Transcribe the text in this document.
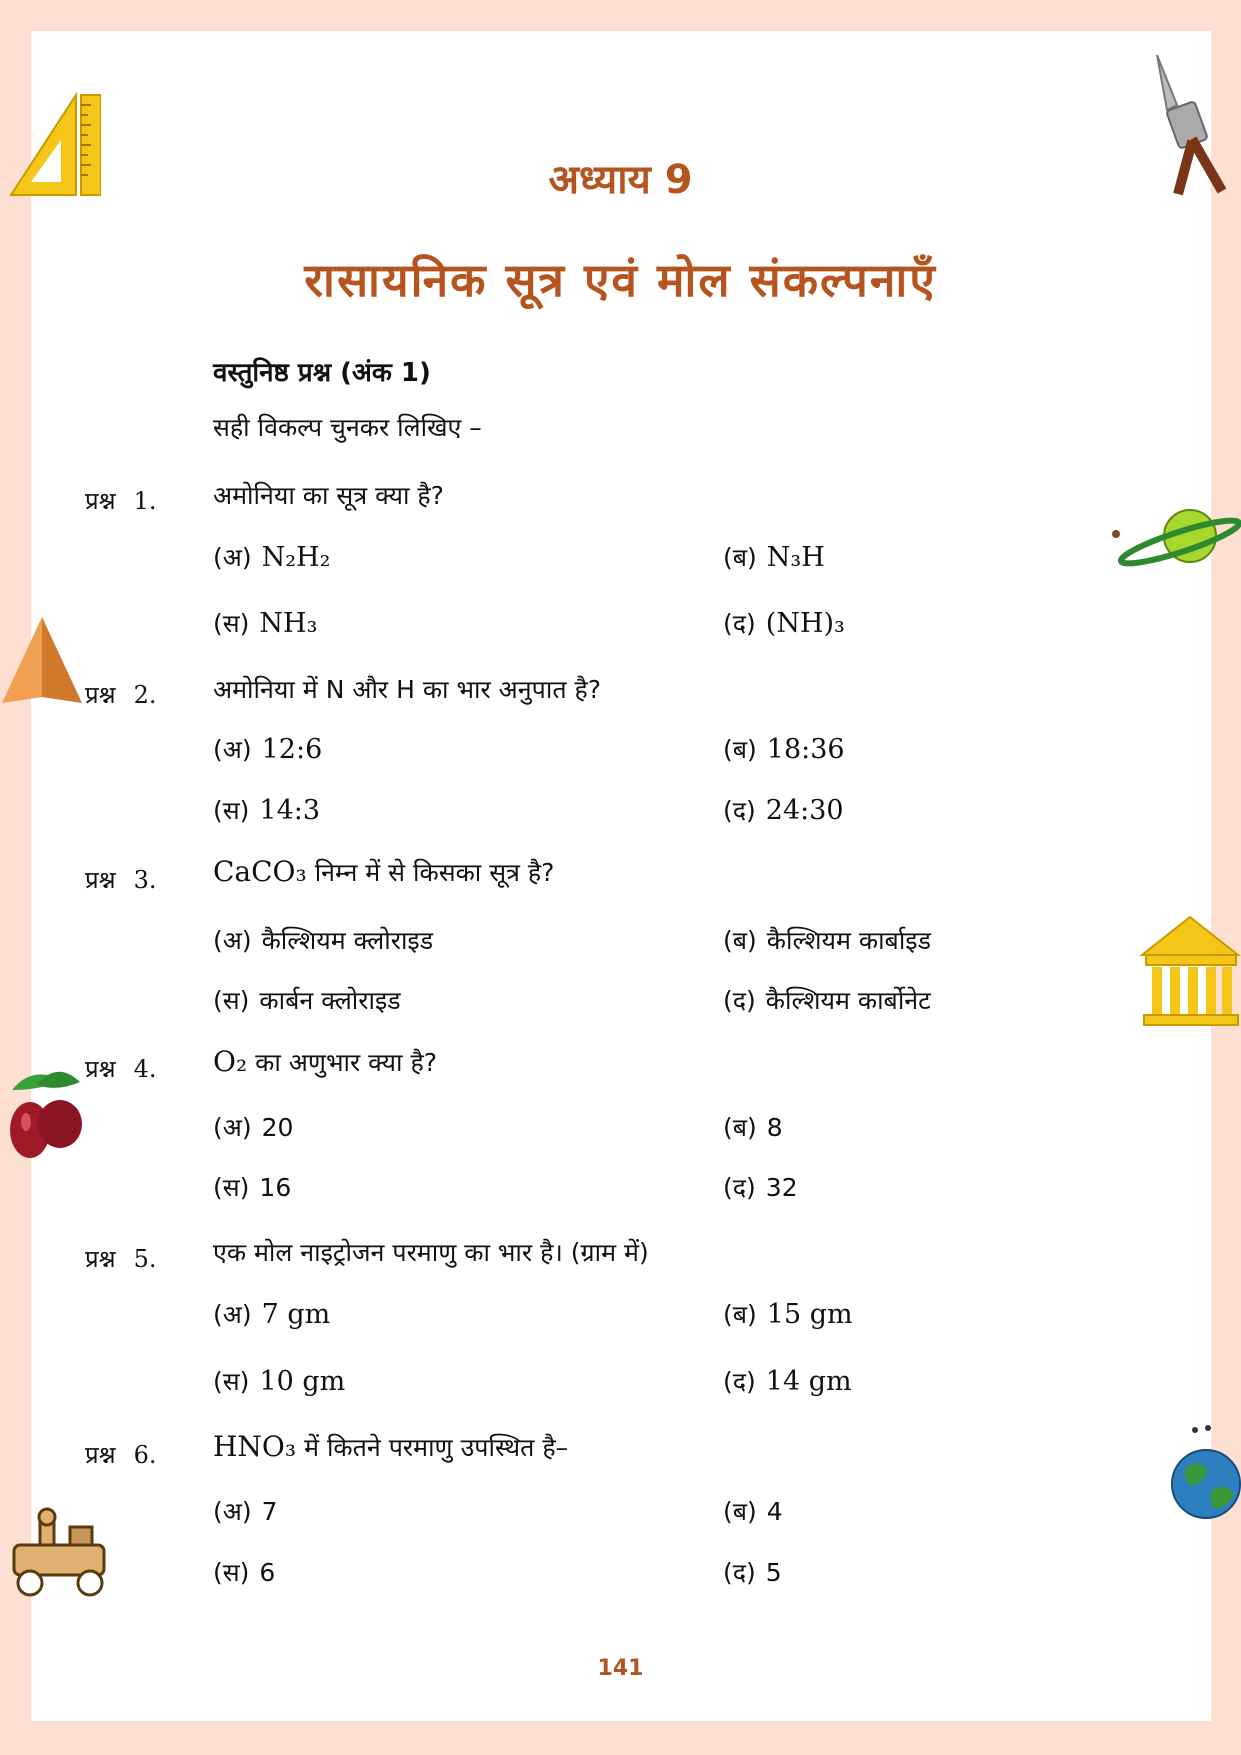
अध्याय 9
रासायनिक सूत्र एवं मोल संकल्पनाएँ
वस्तुनिष्ठ प्रश्न (अंक 1)
सही विकल्प चुनकर लिखिए –
प्रश्न 1. अमोनिया का सूत्र क्या है?
(अ) N₂H₂	(ब) N₃H
(स) NH₃	(द) (NH)₃
प्रश्न 2. अमोनिया में N और H का भार अनुपात है?
(अ) 12:6	(ब) 18:36
(स) 14:3	(द) 24:30
प्रश्न 3. CaCO₃ निम्न में से किसका सूत्र है?
(अ) कैल्शियम क्लोराइड	(ब) कैल्शियम कार्बाइड
(स) कार्बन क्लोराइड	(द) कैल्शियम कार्बोनेट
प्रश्न 4. O₂ का अणुभार क्या है?
(अ) 20	(ब) 8
(स) 16	(द) 32
प्रश्न 5. एक मोल नाइट्रोजन परमाणु का भार है। (ग्राम में)
(अ) 7 gm	(ब) 15 gm
(स) 10 gm	(द) 14 gm
प्रश्न 6. HNO₃ में कितने परमाणु उपस्थित है–
(अ) 7	(ब) 4
(स) 6	(द) 5
141
